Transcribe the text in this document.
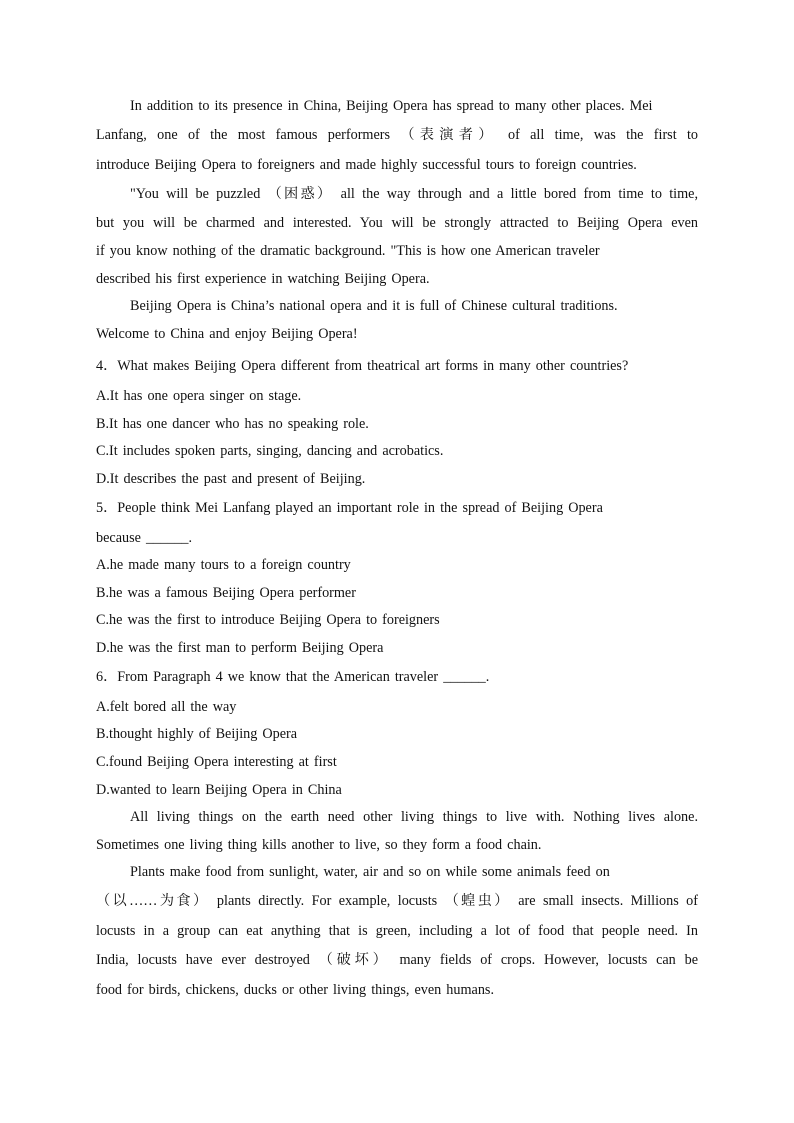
In addition to its presence in China, Beijing Opera has spread to many other places. Mei
Lanfang, one of the most famous performers （表演者） of all time, was the first to
introduce Beijing Opera to foreigners and made highly successful tours to foreign countries.
"You will be puzzled （困惑） all the way through and a little bored from time to time,
but you will be charmed and interested. You will be strongly attracted to Beijing Opera even
if you know nothing of the dramatic background. "This is how one American traveler
described his first experience in watching Beijing Opera.
Beijing Opera is China’s national opera and it is full of Chinese cultural traditions.
Welcome to China and enjoy Beijing Opera!
4．What makes Beijing Opera different from theatrical art forms in many other countries?
A.It has one opera singer on stage.
B.It has one dancer who has no speaking role.
C.It includes spoken parts, singing, dancing and acrobatics.
D.It describes the past and present of Beijing.
5．People think Mei Lanfang played an important role in the spread of Beijing Opera
because ______.
A.he made many tours to a foreign country
B.he was a famous Beijing Opera performer
C.he was the first to introduce Beijing Opera to foreigners
D.he was the first man to perform Beijing Opera
6．From Paragraph 4 we know that the American traveler ______.
A.felt bored all the way
B.thought highly of Beijing Opera
C.found Beijing Opera interesting at first
D.wanted to learn Beijing Opera in China
All living things on the earth need other living things to live with. Nothing lives alone.
Sometimes one living thing kills another to live, so they form a food chain.
Plants make food from sunlight, water, air and so on while some animals feed on
（以……为食） plants directly. For example, locusts （蝗虫） are small insects. Millions of
locusts in a group can eat anything that is green, including a lot of food that people need. In
India, locusts have ever destroyed （破坏） many fields of crops. However, locusts can be
food for birds, chickens, ducks or other living things, even humans.
